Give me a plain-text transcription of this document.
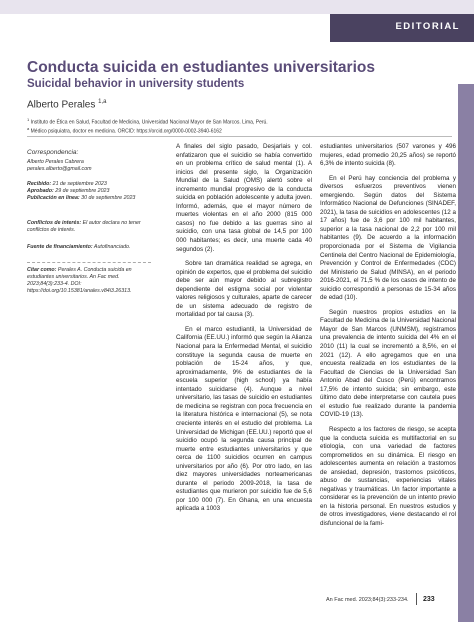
EDITORIAL
Conducta suicida en estudiantes universitarios
Suicidal behavior in university students
Alberto Perales $^{1,a}$
$^1$ Instituto de Ética en Salud, Facultad de Medicina, Universidad Nacional Mayor de San Marcos. Lima, Perú.
$^a$ Médico psiquiatra, doctor en medicina. ORCID: https://orcid.org/0000-0002-3940-6162
Correspondencia:
Alberto Perales Cabrera
perales.alberto@gmail.com
Recibido: 21 de septiembre 2023
Aprobado: 29 de septiembre 2023
Publicación en línea: 30 de septiembre 2023
Conflictos de interés: El autor declara no tener conflictos de interés.
Fuente de financiamiento: Autofinanciado.
Citar como: Perales A. Conducta suicida en estudiantes universitarios. An Fac med. 2023;84(3):233-4. DOI: https://doi.org/10.15381/anales.v84i3.26313.

A finales del siglo pasado, Desjarlais y col. enfatizaron que el suicidio se había convertido en un problema crítico de salud mental (1). A inicios del presente siglo, la Organización Mundial de la Salud (OMS) alertó sobre el incremento mundial progresivo de la conducta suicida en población adolescente y adulta joven. Informó, además, que el mayor número de muertes violentas en el año 2000 (815 000 casos) no fue debido a las guerras sino al suicidio, con una tasa global de 14,5 por 100 000 habitantes; es decir, una muerte cada 40 segundos (2).

Sobre tan dramática realidad se agrega, en opinión de expertos, que el problema del suicidio debe ser aún mayor debido al subregistro dependiente del estigma social por violentar valores religiosos y culturales, aparte de carecer de un sistema adecuado de registro de mortalidad por tal causa (3).

En el marco estudiantil, la Universidad de California (EE.UU.) informó que según la Alianza Nacional para la Enfermedad Mental, el suicidio constituye la segunda causa de muerte en población de 15-24 años, y que, aproximadamente, 9% de estudiantes de la escuela superior (high school) ya había intentado suicidarse (4). Aunque a nivel universitario, las tasas de suicidio en estudiantes de medicina se registran con poca frecuencia en la literatura histórica e internacional (5), se nota creciente interés en el estudio del problema. La Universidad de Michigan (EE.UU.) reportó que el suicidio ocupó la segunda causa principal de muerte entre estudiantes universitarios y que cerca de 1100 suicidios ocurren en campus universitarios por año (6). Por otro lado, en las diez mayores universidades norteamericanas durante el periodo 2009-2018, la tasa de estudiantes que murieron por suicidio fue de 5,6 por 100 000 (7). En Ghana, en una encuesta aplicada a 1003

estudiantes universitarios (507 varones y 496 mujeres, edad promedio 20,25 años) se reportó 6,3% de intento suicida (8).

En el Perú hay conciencia del problema y diversos esfuerzos preventivos vienen emergiendo. Según datos del Sistema Informático Nacional de Defunciones (SINADEF, 2021), la tasa de suicidios en adolescentes (12 a 17 años) fue de 3,6 por 100 mil habitantes, superior a la tasa nacional de 2,2 por 100 mil habitantes (9). De acuerdo a la información proporcionada por el Sistema de Vigilancia Centinela del Centro Nacional de Epidemiología, Prevención y Control de Enfermedades (CDC) del Ministerio de Salud (MINSA), en el periodo 2016-2021, el 71,5 % de los casos de intento de suicidio correspondió a personas de 15-34 años de edad (10).

Según nuestros propios estudios en la Facultad de Medicina de la Universidad Nacional Mayor de San Marcos (UNMSM), registramos una prevalencia de intento suicida del 4% en el 2010 (11) la cual se incrementó a 8,5%, en el 2021 (12). A ello agregamos que en una encuesta realizada en los estudiantes de la Facultad de Ciencias de la Universidad San Antonio Abad del Cusco (Perú) encontramos 17,5% de intento suicida; sin embargo, este último dato debe interpretarse con cautela pues el estudio fue realizado durante la pandemia COVID-19 (13).

Respecto a los factores de riesgo, se acepta que la conducta suicida es multifactorial en su etiología, con una variedad de factores comprometidos en su dinámica. El riesgo en adolescentes aumenta en relación a trastornos de ansiedad, depresión, trastornos psicóticos, abuso de sustancias, experiencias vitales negativas y traumáticas. Un factor importante a considerar es la prevención de un intento previo en la historia personal. En nuestros estudios y de otros investigadores, viene destacando el rol disfuncional de la fami-

An Fac med. 2023;84(3):233-234. 233
